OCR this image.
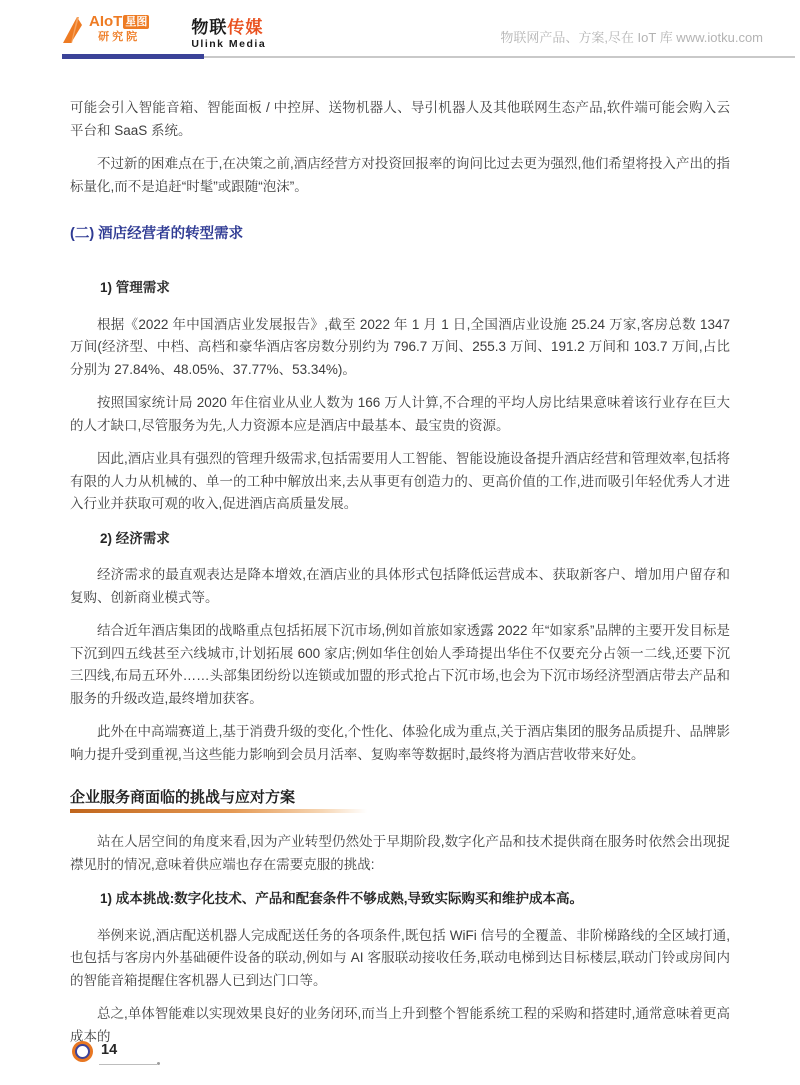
AIoT 星图
研究院
物联传媒
Ulink Media	物联网产品、方案,尽在 IoT 库 www.iotku.com

可能会引入智能音箱、智能面板 / 中控屏、送物机器人、导引机器人及其他联网生态产品,软件端可能会购入云平台和 SaaS 系统。

不过新的困难点在于,在决策之前,酒店经营方对投资回报率的询问比过去更为强烈,他们希望将投入产出的指标量化,而不是追赶“时髦”或跟随“泡沫”。

(二) 酒店经营者的转型需求
1) 管理需求

根据《2022 年中国酒店业发展报告》,截至 2022 年 1 月 1 日,全国酒店业设施 25.24 万家,客房总数 1347 万间(经济型、中档、高档和豪华酒店客房数分别约为 796.7 万间、255.3 万间、191.2 万间和 103.7 万间,占比分别为 27.84%、48.05%、37.77%、53.34%)。

按照国家统计局 2020 年住宿业从业人数为 166 万人计算,不合理的平均人房比结果意味着该行业存在巨大的人才缺口,尽管服务为先,人力资源本应是酒店中最基本、最宝贵的资源。

因此,酒店业具有强烈的管理升级需求,包括需要用人工智能、智能设施设备提升酒店经营和管理效率,包括将有限的人力从机械的、单一的工种中解放出来,去从事更有创造力的、更高价值的工作,进而吸引年轻优秀人才进入行业并获取可观的收入,促进酒店高质量发展。

2) 经济需求

经济需求的最直观表达是降本增效,在酒店业的具体形式包括降低运营成本、获取新客户、增加用户留存和复购、创新商业模式等。

结合近年酒店集团的战略重点包括拓展下沉市场,例如首旅如家透露 2022 年“如家系”品牌的主要开发目标是下沉到四五线甚至六线城市,计划拓展 600 家店;例如华住创始人季琦提出华住不仅要充分占领一二线,还要下沉三四线,布局五环外……头部集团纷纷以连锁或加盟的形式抢占下沉市场,也会为下沉市场经济型酒店带去产品和服务的升级改造,最终增加获客。

此外在中高端赛道上,基于消费升级的变化,个性化、体验化成为重点,关于酒店集团的服务品质提升、品牌影响力提升受到重视,当这些能力影响到会员月活率、复购率等数据时,最终将为酒店营收带来好处。

企业服务商面临的挑战与应对方案

站在人居空间的角度来看,因为产业转型仍然处于早期阶段,数字化产品和技术提供商在服务时依然会出现捉襟见肘的情况,意味着供应端也存在需要克服的挑战:

1) 成本挑战:数字化技术、产品和配套条件不够成熟,导致实际购买和维护成本高。

举例来说,酒店配送机器人完成配送任务的各项条件,既包括 WiFi 信号的全覆盖、非阶梯路线的全区域打通,也包括与客房内外基础硬件设备的联动,例如与 AI 客服联动接收任务,联动电梯到达目标楼层,联动门铃或房间内的智能音箱提醒住客机器人已到达门口等。

总之,单体智能难以实现效果良好的业务闭环,而当上升到整个智能系统工程的采购和搭建时,通常意味着更高成本的

14
